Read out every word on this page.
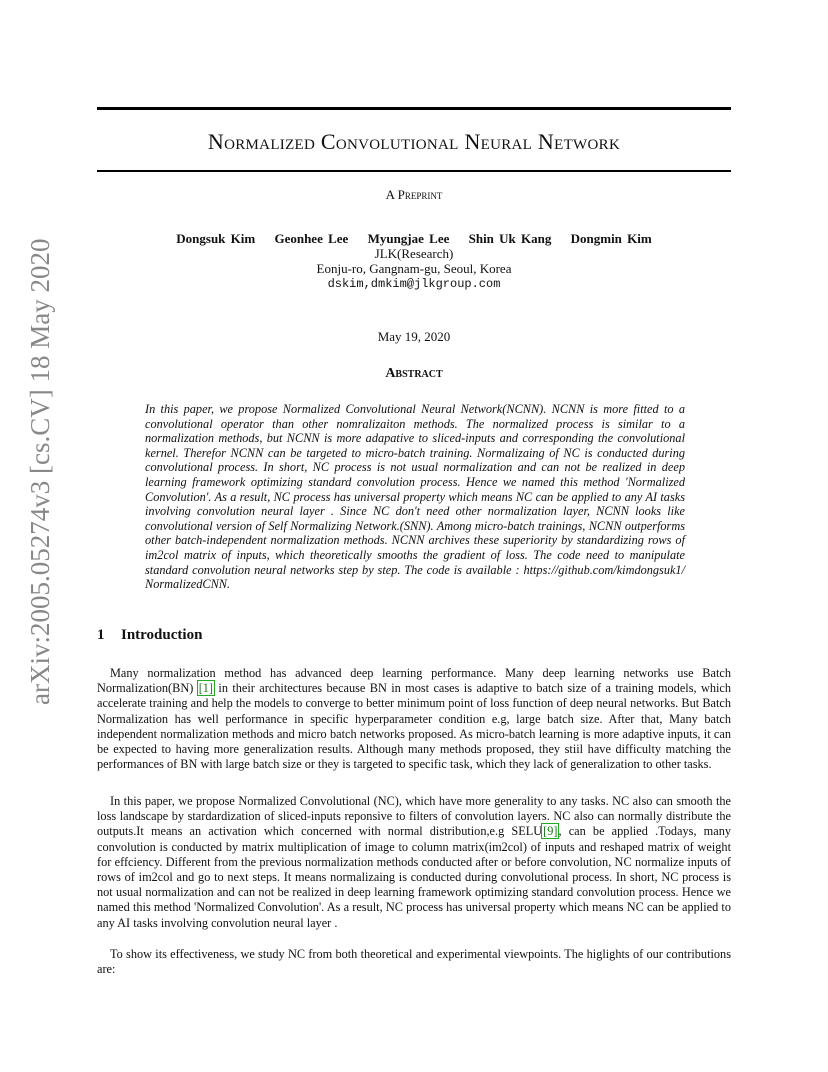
arXiv:2005.05274v3 [cs.CV] 18 May 2020
Normalized Convolutional Neural Network
A Preprint
Dongsuk Kim Geonhee Lee Myungjae Lee Shin Uk Kang Dongmin Kim
JLK(Research)
Eonju-ro, Gangnam-gu, Seoul, Korea
dskim,dmkim@jlkgroup.com
May 19, 2020
Abstract
In this paper, we propose Normalized Convolutional Neural Network(NCNN). NCNN is more fitted to a convolutional operator than other nomralizaiton methods. The normalized process is similar to a normalization methods, but NCNN is more adapative to sliced-inputs and corresponding the convolutional kernel. Therefor NCNN can be targeted to micro-batch training. Normalizaing of NC is conducted during convolutional process. In short, NC process is not usual normalization and can not be realized in deep learning framework optimizing standard convolution process. Hence we named this method 'Normalized Convolution'. As a result, NC process has universal property which means NC can be applied to any AI tasks involving convolution neural layer . Since NC don't need other normalization layer, NCNN looks like convolutional version of Self Normalizing Network.(SNN). Among micro-batch trainings, NCNN outperforms other batch-independent normalization methods. NCNN archives these superiority by standardizing rows of im2col matrix of inputs, which theoretically smooths the gradient of loss. The code need to manipulate standard convolution neural networks step by step. The code is available : https://github.com/kimdongsuk1/ NormalizedCNN.
1 Introduction
Many normalization method has advanced deep learning performance. Many deep learning networks use Batch Normalization(BN) [1] in their architectures because BN in most cases is adaptive to batch size of a training models, which accelerate training and help the models to converge to better minimum point of loss function of deep neural networks. But Batch Normalization has well performance in specific hyperparameter condition e.g, large batch size. After that, Many batch independent normalization methods and micro batch networks proposed. As micro-batch learning is more adaptive inputs, it can be expected to having more generalization results. Although many methods proposed, they stiil have difficulty matching the performances of BN with large batch size or they is targeted to specific task, which they lack of generalization to other tasks.
In this paper, we propose Normalized Convolutional (NC), which have more generality to any tasks. NC also can smooth the loss landscape by stardardization of sliced-inputs reponsive to filters of convolution layers. NC also can normally distribute the outputs.It means an activation which concerned with normal distribution,e.g SELU[9], can be applied .Todays, many convolution is conducted by matrix multiplication of image to column matrix(im2col) of inputs and reshaped matrix of weight for effciency. Different from the previous normalization methods conducted after or before convolution, NC normalize inputs of rows of im2col and go to next steps. It means normalizaing is conducted during convolutional process. In short, NC process is not usual normalization and can not be realized in deep learning framework optimizing standard convolution process. Hence we named this method 'Normalized Convolution'. As a result, NC process has universal property which means NC can be applied to any AI tasks involving convolution neural layer .
To show its effectiveness, we study NC from both theoretical and experimental viewpoints. The higlights of our contributions are:
